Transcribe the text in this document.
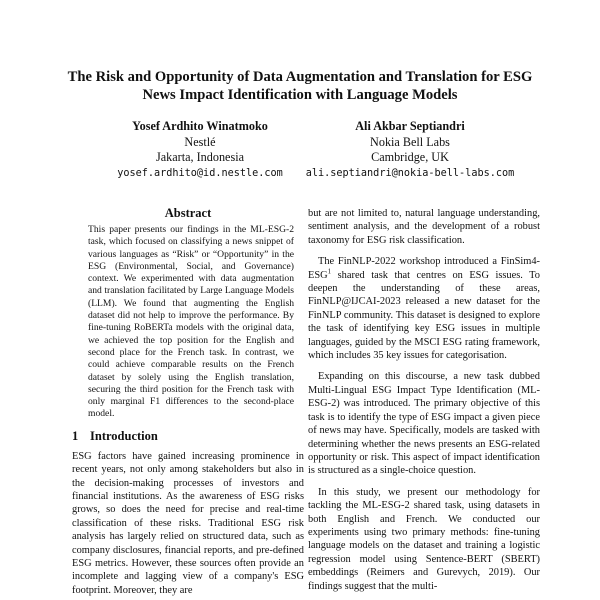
The Risk and Opportunity of Data Augmentation and Translation for ESG
News Impact Identification with Language Models
Yosef Ardhito Winatmoko
Nestlé
Jakarta, Indonesia
yosef.ardhito@id.nestle.com
Ali Akbar Septiandri
Nokia Bell Labs
Cambridge, UK
ali.septiandri@nokia-bell-labs.com
Abstract

This paper presents our findings in the ML-ESG-2 task, which focused on classifying a news snippet of various languages as “Risk” or “Opportunity” in the ESG (Environmental, Social, and Governance) context. We experimented with data augmentation and translation facilitated by Large Language Models (LLM). We found that augmenting the English dataset did not help to improve the performance. By fine-tuning RoBERTa models with the original data, we achieved the top position for the English and second place for the French task. In contrast, we could achieve comparable results on the French dataset by solely using the English translation, securing the third position for the French task with only marginal F1 differences to the second-place model.

1 Introduction

ESG factors have gained increasing prominence in recent years, not only among stakeholders but also in the decision-making processes of investors and financial institutions. As the awareness of ESG risks grows, so does the need for precise and real-time classification of these risks. Traditional ESG risk analysis has largely relied on structured data, such as company disclosures, financial reports, and pre-defined ESG metrics. However, these sources often provide an incomplete and lagging view of a company's ESG footprint. Moreover, they are

but are not limited to, natural language understanding, sentiment analysis, and the development of a robust taxonomy for ESG risk classification.

The FinNLP-2022 workshop introduced a FinSim4-ESG$^1$ shared task that centres on ESG issues. To deepen the understanding of these areas, FinNLP@IJCAI-2023 released a new dataset for the FinNLP community. This dataset is designed to explore the task of identifying key ESG issues in multiple languages, guided by the MSCI ESG rating framework, which includes 35 key issues for categorisation.

Expanding on this discourse, a new task dubbed Multi-Lingual ESG Impact Type Identification (ML-ESG-2) was introduced. The primary objective of this task is to identify the type of ESG impact a given piece of news may have. Specifically, models are tasked with determining whether the news presents an ESG-related opportunity or risk. This aspect of impact identification is structured as a single-choice question.

In this study, we present our methodology for tackling the ML-ESG-2 shared task, using datasets in both English and French. We conducted our experiments using two primary methods: fine-tuning language models on the dataset and training a logistic regression model using Sentence-BERT (SBERT) embeddings (Reimers and Gurevych, 2019). Our findings suggest that the multi-
